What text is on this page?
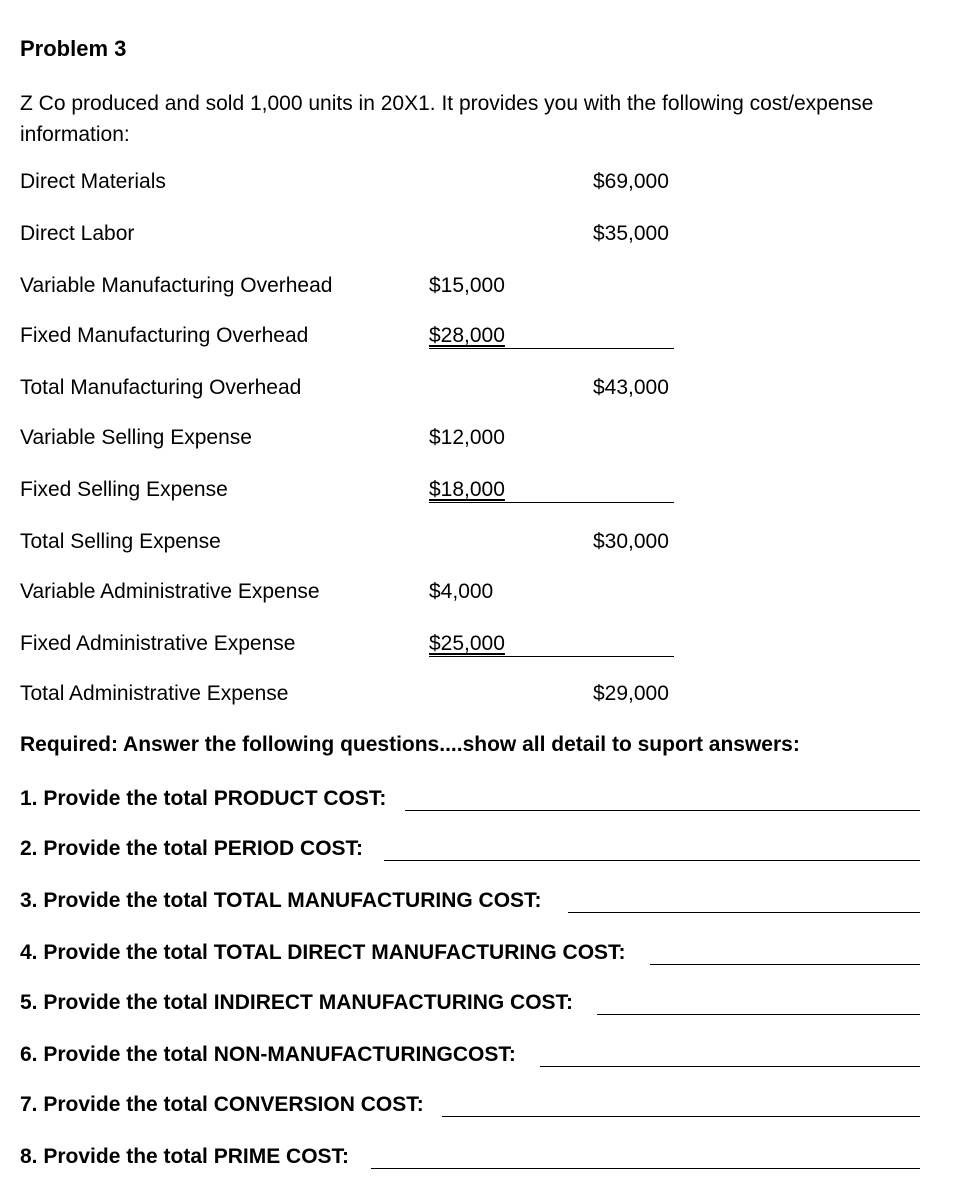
Problem 3
Z Co produced and sold 1,000 units in 20X1. It provides you with the following cost/expense information:
Direct Materials	$69,000
Direct Labor	$35,000
Variable Manufacturing Overhead	$15,000
Fixed Manufacturing Overhead	$28,000
Total Manufacturing Overhead	$43,000
Variable Selling Expense	$12,000
Fixed Selling Expense	$18,000
Total Selling Expense	$30,000
Variable Administrative Expense	$4,000
Fixed Administrative Expense	$25,000
Total Administrative Expense	$29,000
Required: Answer the following questions....show all detail to suport answers:
1. Provide the total PRODUCT COST:
2. Provide the total PERIOD COST:
3. Provide the total TOTAL MANUFACTURING COST:
4. Provide the total TOTAL DIRECT MANUFACTURING COST:
5. Provide the total INDIRECT MANUFACTURING COST:
6. Provide the total NON-MANUFACTURINGCOST:
7. Provide the total CONVERSION COST:
8. Provide the total PRIME COST:
